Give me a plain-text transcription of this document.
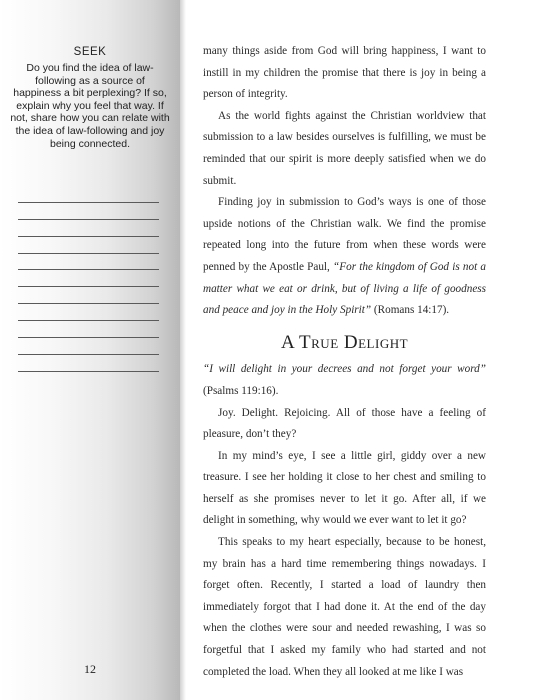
SEEK
Do you find the idea of law-following as a source of happiness a bit perplexing? If so, explain why you feel that way. If not, share how you can relate with the idea of law-following and joy being connected.
12

many things aside from God will bring happiness, I want to instill in my children the promise that there is joy in being a person of integrity.

As the world fights against the Christian worldview that submission to a law besides ourselves is fulfilling, we must be reminded that our spirit is more deeply satisfied when we do submit.

Finding joy in submission to God’s ways is one of those upside notions of the Christian walk. We find the promise repeated long into the future from when these words were penned by the Apostle Paul, “For the kingdom of God is not a matter what we eat or drink, but of living a life of goodness and peace and joy in the Holy Spirit” (Romans 14:17).

A True Delight

“I will delight in your decrees and not forget your word” (Psalms 119:16).

Joy. Delight. Rejoicing. All of those have a feeling of pleasure, don’t they?

In my mind’s eye, I see a little girl, giddy over a new treasure. I see her holding it close to her chest and smiling to herself as she promises never to let it go. After all, if we delight in something, why would we ever want to let it go?

This speaks to my heart especially, because to be honest, my brain has a hard time remembering things nowadays. I forget often. Recently, I started a load of laundry then immediately forgot that I had done it. At the end of the day when the clothes were sour and needed rewashing, I was so forgetful that I asked my family who had started and not completed the load. When they all looked at me like I was
